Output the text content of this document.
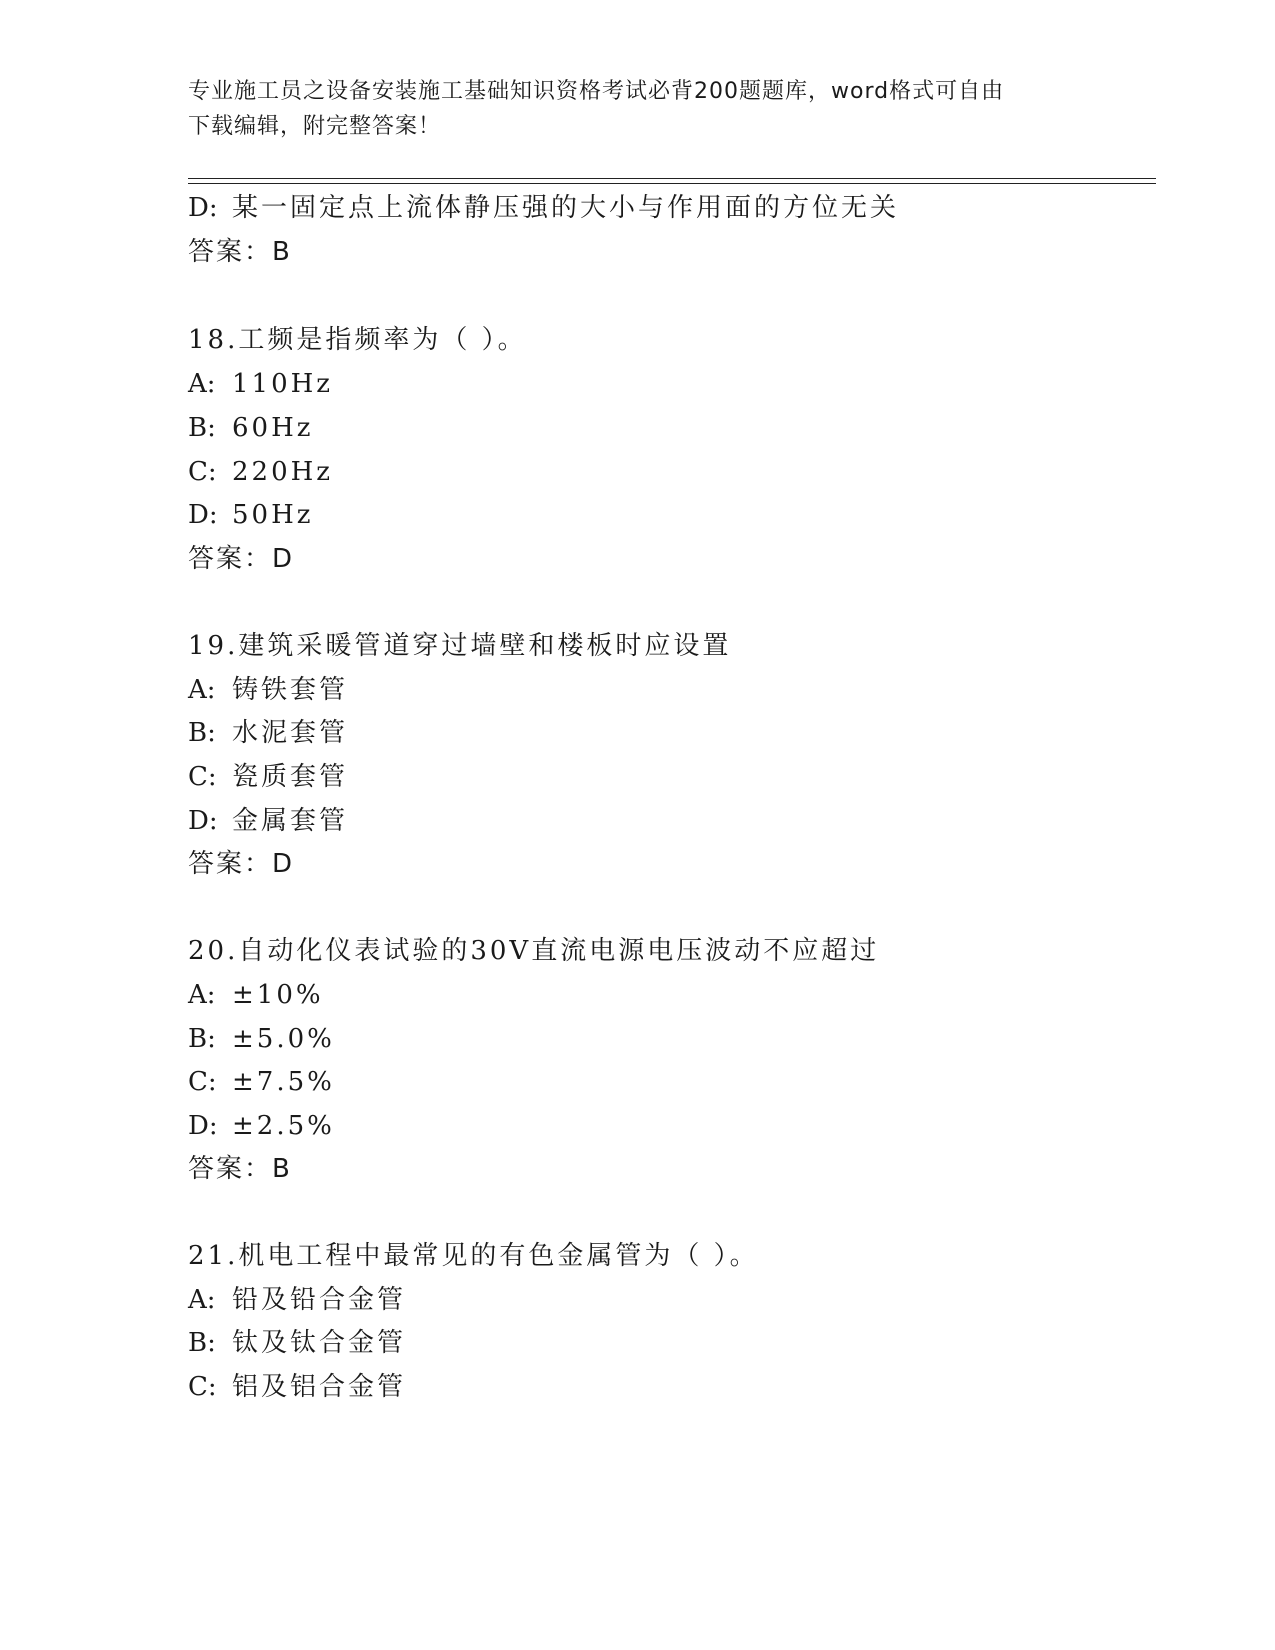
专业施工员之设备安装施工基础知识资格考试必背200题题库，word格式可自由
下载编辑，附完整答案！
D: 某一固定点上流体静压强的大小与作用面的方位无关
答案：B
18.工频是指频率为（ ）。
A: 110Hz
B: 60Hz
C: 220Hz
D: 50Hz
答案：D
19.建筑采暖管道穿过墙壁和楼板时应设置
A: 铸铁套管
B: 水泥套管
C: 瓷质套管
D: 金属套管
答案：D
20.自动化仪表试验的30V直流电源电压波动不应超过
A: ±10%
B: ±5.0%
C: ±7.5%
D: ±2.5%
答案：B
21.机电工程中最常见的有色金属管为（ ）。
A: 铅及铅合金管
B: 钛及钛合金管
C: 铝及铝合金管
